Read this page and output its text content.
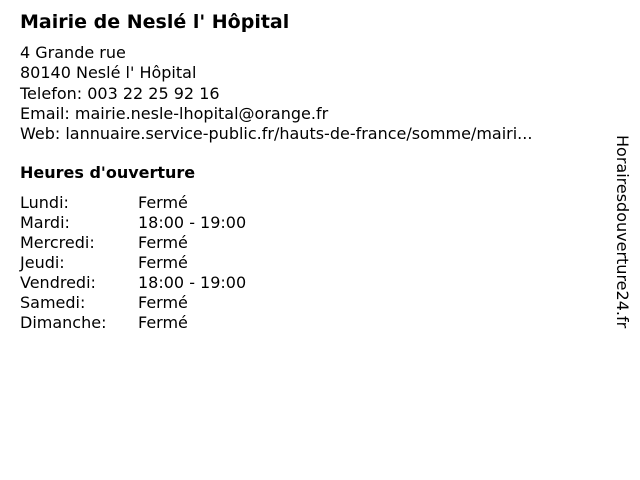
Mairie de Neslé l' Hôpital
4 Grande rue
80140 Neslé l' Hôpital
Telefon: 003 22 25 92 16
Email: mairie.nesle-lhopital@orange.fr
Web: lannuaire.service-public.fr/hauts-de-france/somme/mairi...
Heures d'ouverture
Lundi:	Fermé
Mardi:	18:00 - 19:00
Mercredi:	Fermé
Jeudi:	Fermé
Vendredi:	18:00 - 19:00
Samedi:	Fermé
Dimanche:	Fermé	Horairesdouverture24.fr
